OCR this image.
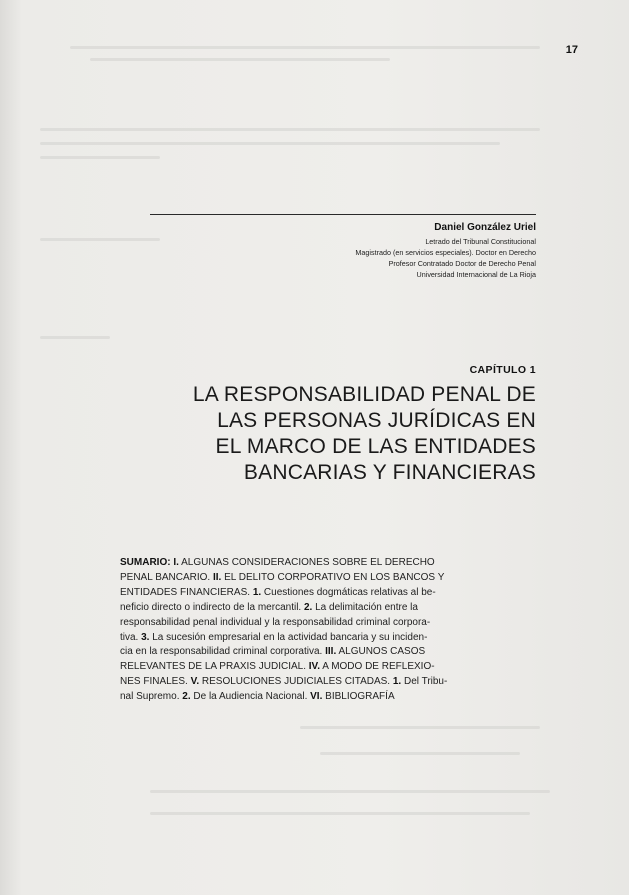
17
Daniel González Uriel
Letrado del Tribunal Constitucional
Magistrado (en servicios especiales). Doctor en Derecho
Profesor Contratado Doctor de Derecho Penal
Universidad Internacional de La Rioja
CAPÍTULO 1
LA RESPONSABILIDAD PENAL DE
LAS PERSONAS JURÍDICAS EN
EL MARCO DE LAS ENTIDADES
BANCARIAS Y FINANCIERAS
SUMARIO: I. ALGUNAS CONSIDERACIONES SOBRE EL DERECHO
PENAL BANCARIO. II. EL DELITO CORPORATIVO EN LOS BANCOS Y
ENTIDADES FINANCIERAS. 1. Cuestiones dogmáticas relativas al be-
neficio directo o indirecto de la mercantil. 2. La delimitación entre la
responsabilidad penal individual y la responsabilidad criminal corpora-
tiva. 3. La sucesión empresarial en la actividad bancaria y su inciden-
cia en la responsabilidad criminal corporativa. III. ALGUNOS CASOS
RELEVANTES DE LA PRAXIS JUDICIAL. IV. A MODO DE REFLEXIO-
NES FINALES. V. RESOLUCIONES JUDICIALES CITADAS. 1. Del Tribu-
nal Supremo. 2. De la Audiencia Nacional. VI. BIBLIOGRAFÍA
